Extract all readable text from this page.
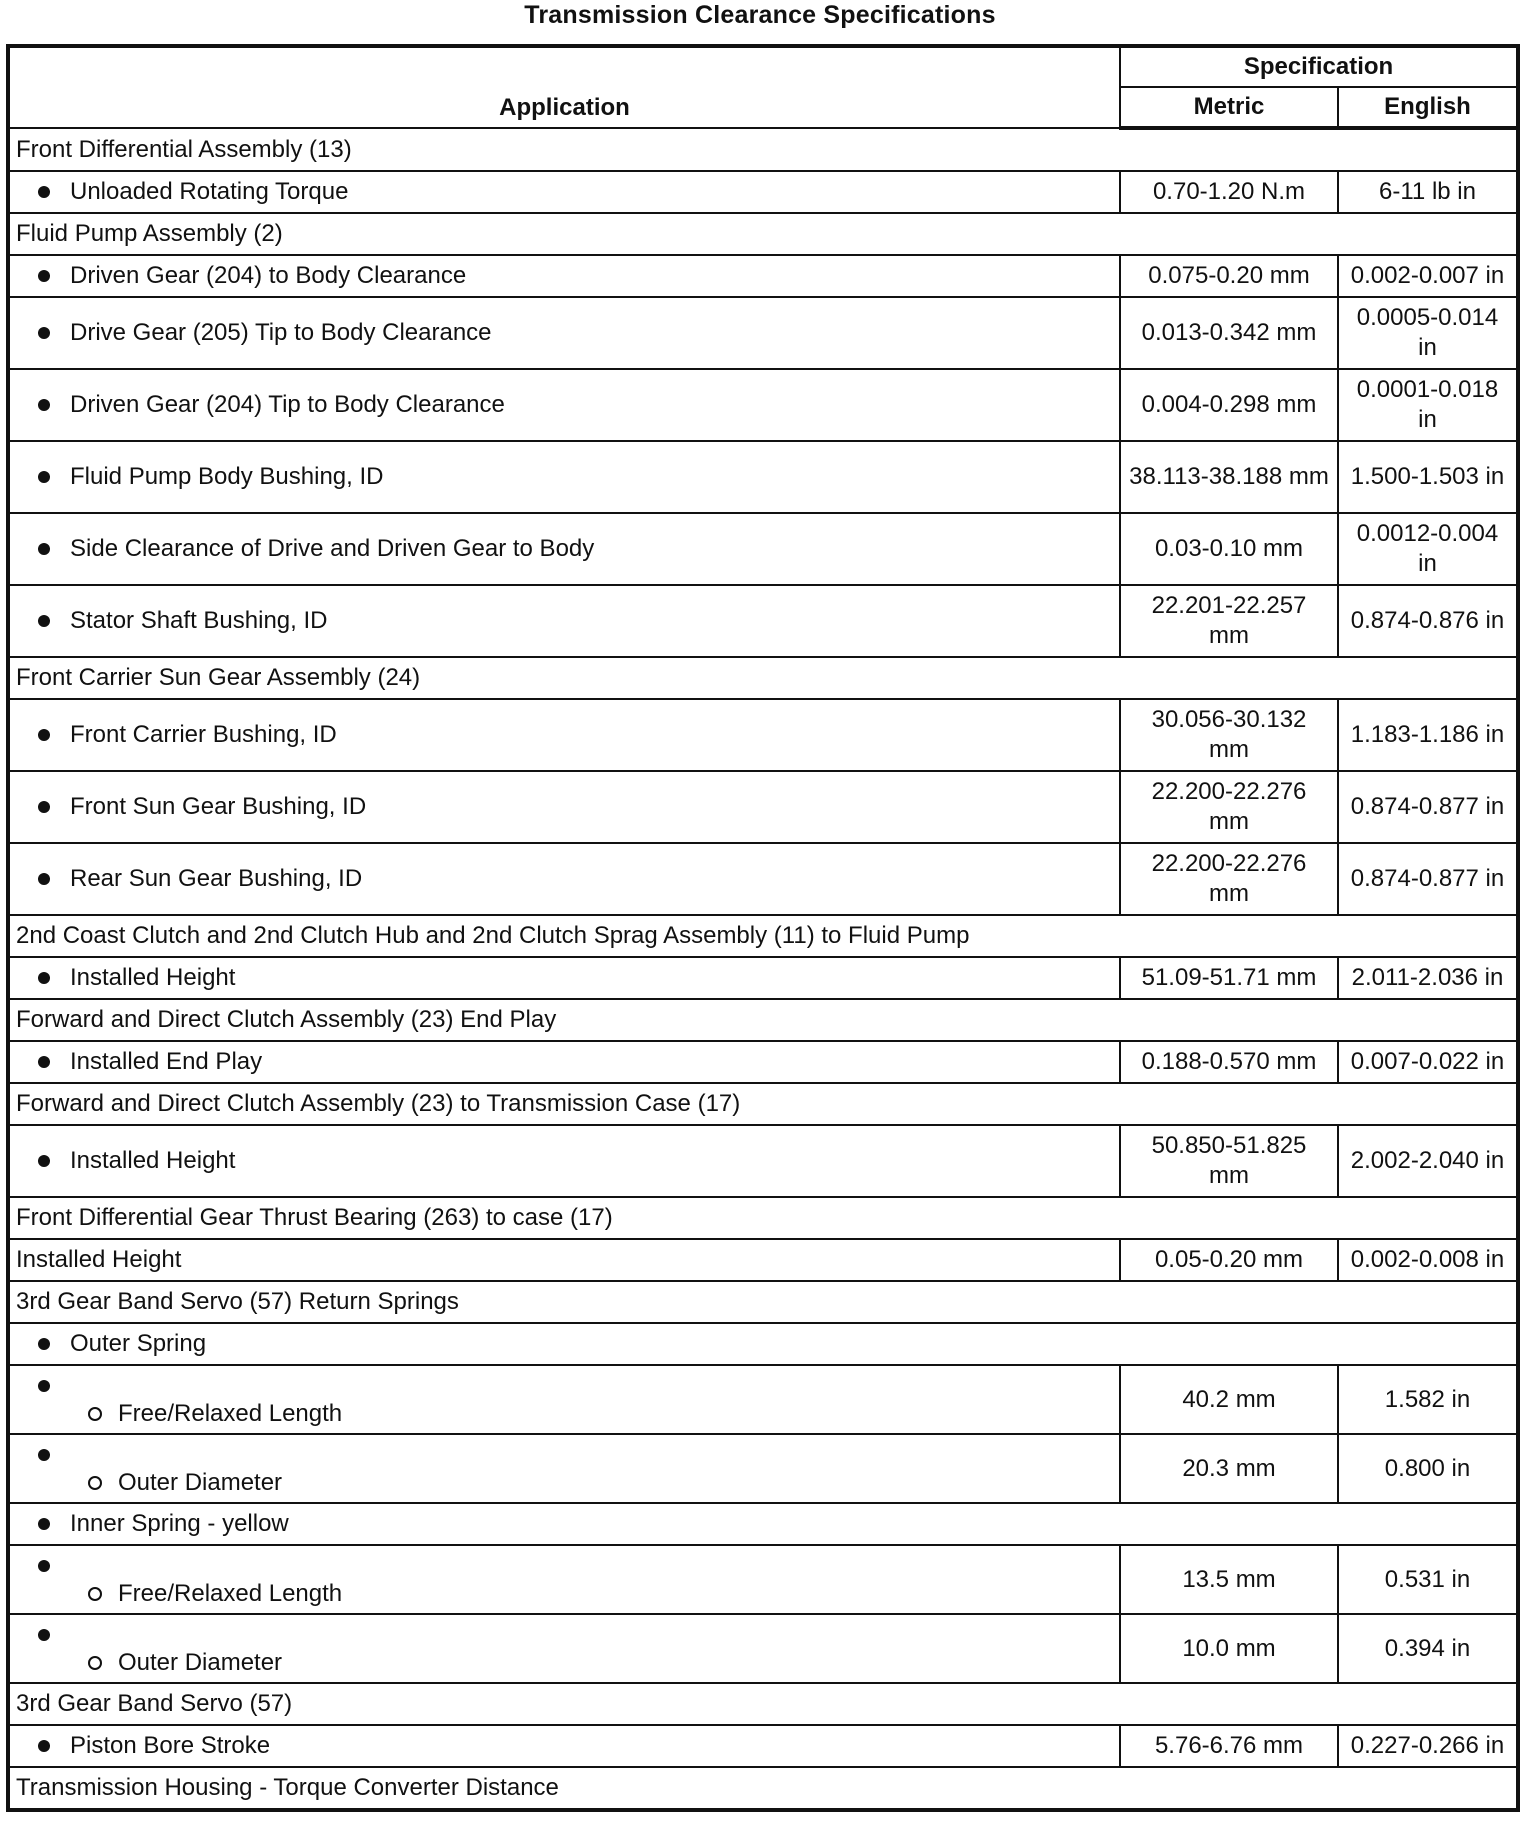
Transmission Clearance Specifications
Application	Specification	
	Metric	English
Front Differential Assembly (13)		

Unloaded Rotating Torque	0.70-1.20 N.m	6-11 lb in
Fluid Pump Assembly (2)		

Driven Gear (204) to Body Clearance	0.075-0.20 mm	0.002-0.007 in

Drive Gear (205) Tip to Body Clearance	0.013-0.342 mm	0.0005-0.014 in

Driven Gear (204) Tip to Body Clearance	0.004-0.298 mm	0.0001-0.018 in

Fluid Pump Body Bushing, ID	38.113-38.188 mm	1.500-1.503 in

Side Clearance of Drive and Driven Gear to Body	0.03-0.10 mm	0.0012-0.004 in

Stator Shaft Bushing, ID	22.201-22.257 mm	0.874-0.876 in
Front Carrier Sun Gear Assembly (24)		

Front Carrier Bushing, ID	30.056-30.132 mm	1.183-1.186 in

Front Sun Gear Bushing, ID	22.200-22.276 mm	0.874-0.877 in

Rear Sun Gear Bushing, ID	22.200-22.276 mm	0.874-0.877 in
2nd Coast Clutch and 2nd Clutch Hub and 2nd Clutch Sprag Assembly (11) to Fluid Pump		

Installed Height	51.09-51.71 mm	2.011-2.036 in
Forward and Direct Clutch Assembly (23) End Play		

Installed End Play	0.188-0.570 mm	0.007-0.022 in
Forward and Direct Clutch Assembly (23) to Transmission Case (17)		

Installed Height	50.850-51.825 mm	2.002-2.040 in
Front Differential Gear Thrust Bearing (263) to case (17)		
Installed Height	0.05-0.20 mm	0.002-0.008 in
3rd Gear Band Servo (57) Return Springs		

Outer Spring		

Free/Relaxed Length	40.2 mm	1.582 in

Outer Diameter	20.3 mm	0.800 in

Inner Spring - yellow		

Free/Relaxed Length	13.5 mm	0.531 in

Outer Diameter	10.0 mm	0.394 in
3rd Gear Band Servo (57)		

Piston Bore Stroke	5.76-6.76 mm	0.227-0.266 in
Transmission Housing - Torque Converter Distance		
